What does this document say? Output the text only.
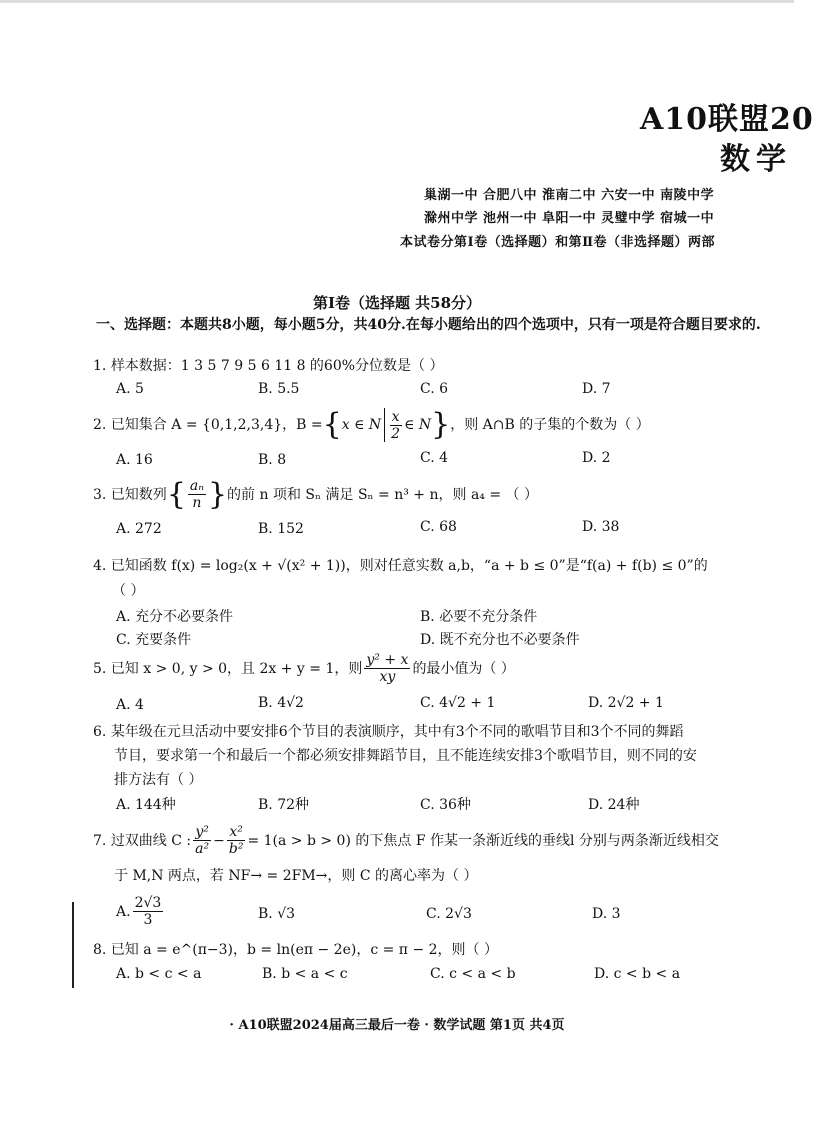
A10联盟20
数学
巢湖一中 合肥八中 淮南二中 六安一中 南陵中学
滁州中学 池州一中 阜阳一中 灵璧中学 宿城一中
本试卷分第Ⅰ卷（选择题）和第Ⅱ卷（非选择题）两部
第Ⅰ卷（选择题 共58分）
一、选择题：本题共8小题，每小题5分，共40分.在每小题给出的四个选项中，只有一项是符合题目要求的.
1. 样本数据：1 3 5 7 9 5 6 11 8 的60%分位数是（ ）
A. 5	B. 5.5	C. 6	D. 7
2.
已知集合 A = {0,1,2,3,4}，B = { x ∈ N $\frac{x}{2}$ ∈ N } ，则 A∩B 的子集的个数为（ ）
A. 16	B. 8	C. 4	D. 2
3.
已知数列 { $\frac{\text{aₙ}}{n}$ } 的前 n 项和 Sₙ 满足 Sₙ = n³ + n，则 a₄ = （ ）
A. 272	B. 152	C. 68	D. 38
4. 已知函数 f(x) = log₂(x + √(x² + 1))，则对任意实数 a,b，“a + b ≤ 0”是“f(a) + f(b) ≤ 0”的
（ ）
A. 充分不必要条件	B. 必要不充分条件
C. 充要条件	D. 既不充分也不必要条件
5.
已知 x > 0, y > 0，且 2x + y = 1，则 $\frac{\text{y² + x}}{xy}$ 的最小值为（ ）
A. 4	B. 4√2	C. 4√2 + 1	D. 2√2 + 1
6. 某年级在元旦活动中要安排6个节目的表演顺序，其中有3个不同的歌唱节目和3个不同的舞蹈
节目，要求第一个和最后一个都必须安排舞蹈节目，且不能连续安排3个歌唱节目，则不同的安
排方法有（ ）
A. 144种	B. 72种	C. 36种	D. 24种
7.
过双曲线 C : $\frac{\text{y²}}{\text{a²}} - \frac{\text{x²}}{\text{b²}} = 1(a > b > 0)$ 的下焦点 F 作某一条渐近线的垂线l 分别与两条渐近线相交
于 M,N 两点，若 NF→ = 2FM→，则 C 的离心率为（ ）
A. $\frac{2√3}{3}$	B. √3	C. 2√3	D. 3
8. 已知 a = e^(π−3)，b = ln(eπ − 2e)，c = π − 2，则（ ）
A. b < c < a	B. b < a < c	C. c < a < b	D. c < b < a
· A10联盟2024届高三最后一卷 · 数学试题 第1页 共4页
